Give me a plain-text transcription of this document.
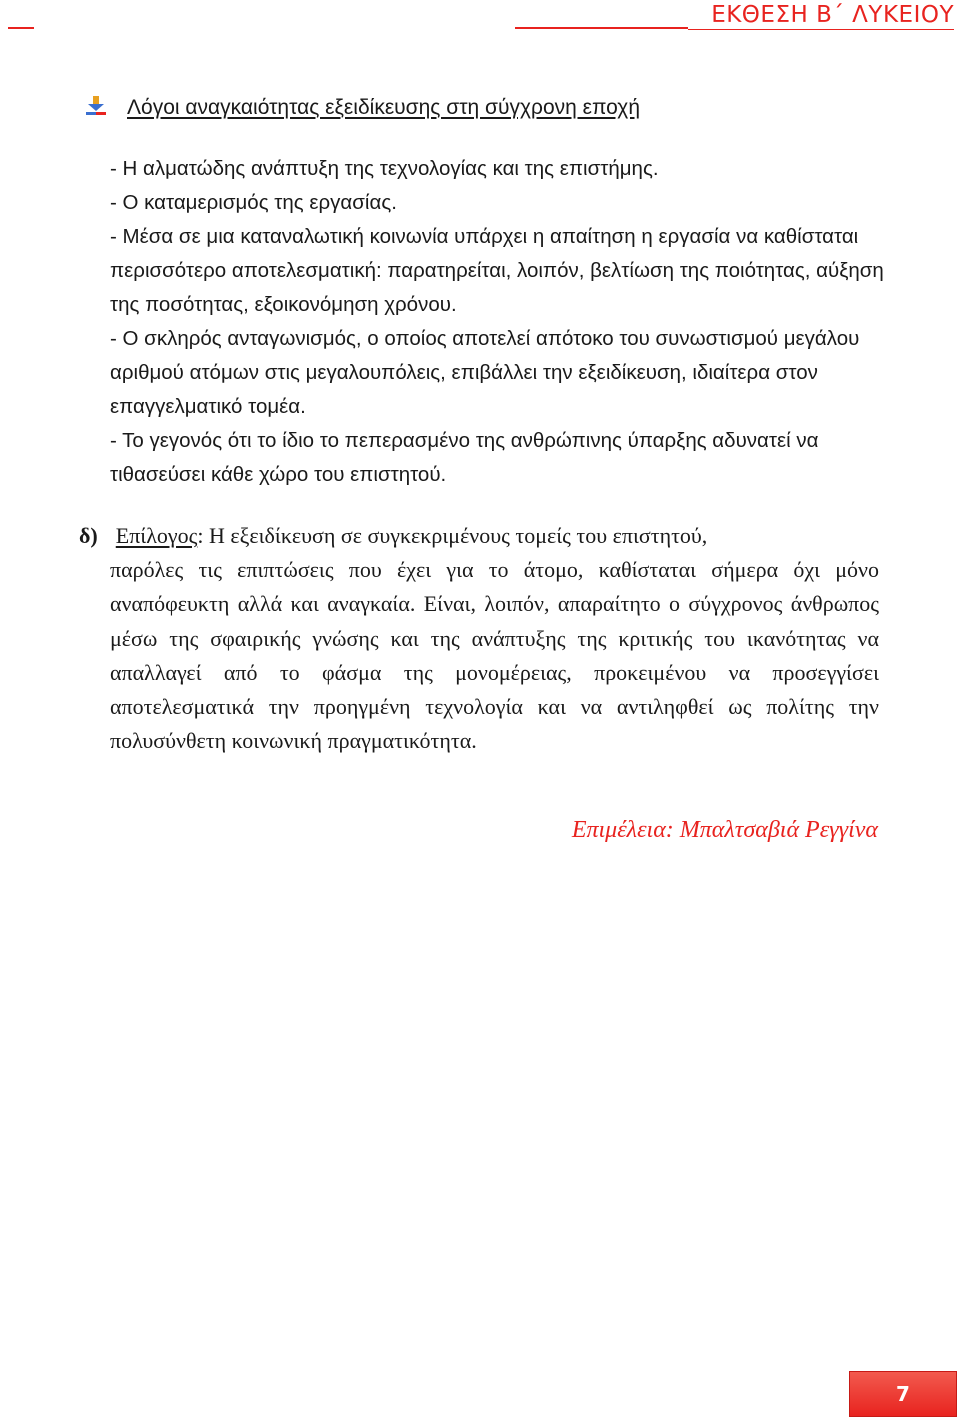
ΕΚΘΕΣΗ Β΄ ΛΥΚΕΙΟΥ
Λόγοι αναγκαιότητας εξειδίκευσης στη σύγχρονη εποχή

- Η αλματώδης ανάπτυξη της τεχνολογίας και της επιστήμης.

- Ο καταμερισμός της εργασίας.

- Μέσα σε μια καταναλωτική κοινωνία υπάρχει η απαίτηση η εργασία να καθίσταται περισσότερο αποτελεσματική: παρατηρείται, λοιπόν, βελτίωση της ποιότητας, αύξηση της ποσότητας, εξοικονόμηση χρόνου.

- Ο σκληρός ανταγωνισμός, ο οποίος αποτελεί απότοκο του συνωστισμού μεγάλου αριθμού ατόμων στις μεγαλουπόλεις, επιβάλλει την εξειδίκευση, ιδιαίτερα στον επαγγελματικό τομέα.

- Το γεγονός ότι το ίδιο το πεπερασμένο της ανθρώπινης ύπαρξης αδυνατεί να τιθασεύσει κάθε χώρο του επιστητού.

δ) Επίλογος: Η εξειδίκευση σε συγκεκριμένους τομείς του επιστητού,

παρόλες τις επιπτώσεις που έχει για το άτομο, καθίσταται σήμερα όχι μόνο αναπόφευκτη αλλά και αναγκαία. Είναι, λοιπόν, απαραίτητο ο σύγχρονος άνθρωπος μέσω της σφαιρικής γνώσης και της ανάπτυξης της κριτικής του ικανότητας να απαλλαγεί από το φάσμα της μονομέρειας, προκειμένου να προσεγγίσει αποτελεσματικά την προηγμένη τεχνολογία και να αντιληφθεί ως πολίτης την πολυσύνθετη κοινωνική πραγματικότητα.

Επιμέλεια: Μπαλτσαβιά Ρεγγίνα
7
